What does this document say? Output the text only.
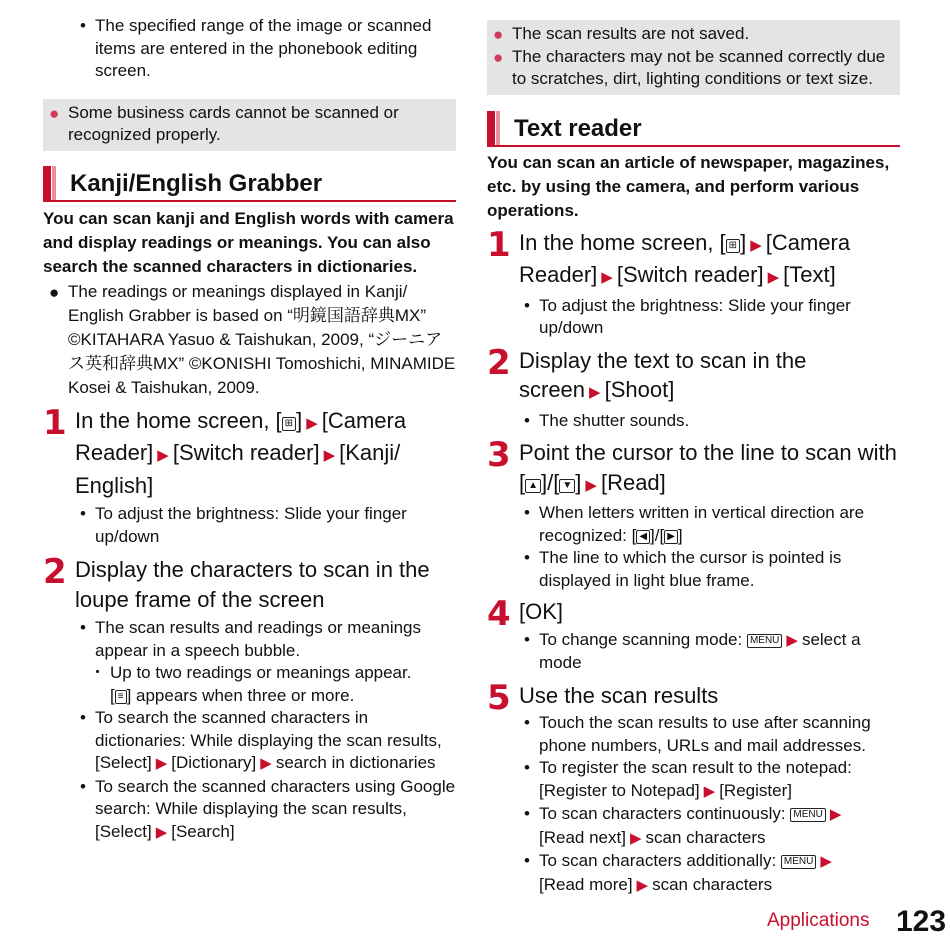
• The specified range of the image or scanned items are entered in the phonebook editing screen.
● Some business cards cannot be scanned or recognized properly.
Kanji/English Grabber
You can scan kanji and English words with camera and display readings or meanings. You can also search the scanned characters in dictionaries.
● The readings or meanings displayed in Kanji/ English Grabber is based on “明鏡国語辞典MX” ©KITAHARA Yasuo & Taishukan, 2009, “ジーニアス英和辞典MX” ©KONISHI Tomoshichi, MINAMIDE Kosei & Taishukan, 2009.
1 In the home screen, [ ⊞ ] ▶ [Camera Reader] ▶ [Switch reader] ▶ [Kanji/ English]
• To adjust the brightness: Slide your finger up/down
2 Display the characters to scan in the loupe frame of the screen
• The scan results and readings or meanings appear in a speech bubble.
・ Up to two readings or meanings appear.
[ ≡ ] appears when three or more.
• To search the scanned characters in dictionaries: While displaying the scan results, [Select] ▶ [Dictionary] ▶ search in dictionaries
• To search the scanned characters using Google search: While displaying the scan results, [Select] ▶ [Search]
● The scan results are not saved.
● The characters may not be scanned correctly due to scratches, dirt, lighting conditions or text size.
Text reader
You can scan an article of newspaper, magazines, etc. by using the camera, and perform various operations.
1 In the home screen, [ ⊞ ] ▶ [Camera Reader] ▶ [Switch reader] ▶ [Text]
• To adjust the brightness: Slide your finger up/down
2 Display the text to scan in the screen ▶ [Shoot]
• The shutter sounds.
3 Point the cursor to the line to scan with [ ▲ ]/[ ▼ ] ▶ [Read]
• When letters written in vertical direction are recognized: [ ◀ ]/[ ▶ ]
• The line to which the cursor is pointed is displayed in light blue frame.
4 [OK]
• To change scanning mode: MENU ▶ select a mode
5 Use the scan results
• Touch the scan results to use after scanning phone numbers, URLs and mail addresses.
• To register the scan result to the notepad: [Register to Notepad] ▶ [Register]
• To scan characters continuously: MENU ▶
[Read next] ▶ scan characters
• To scan characters additionally: MENU ▶
[Read more] ▶ scan characters
Applications 123
